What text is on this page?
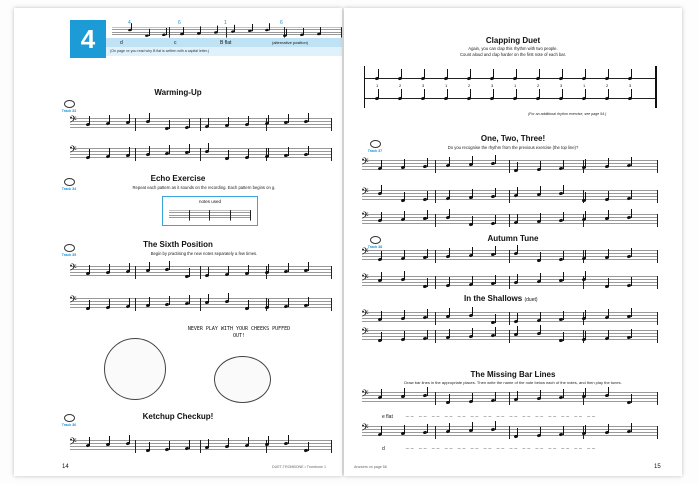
4	d	c	B flat	(alternative position)
(On page xx you read why B flat is written with a capital letter.)
4	6	1	6
Warming-Up
Track 33
𝄢
𝄢
Echo Exercise
Track 34	Repeat each pattern as it sounds on the recording. Each pattern begins on g.
notes used
The Sixth Position
Track 35	Begin by practising the new notes separately a few times.
𝄢
𝄢
NEVER PLAY WITH YOUR CHEEKS PUFFED OUT!
Ketchup Checkup!
Track 36
𝄢
14	DUET-TROMBONE • Trombone 1
Clapping Duet
Again, you can clap this rhythm with two people.
Count aloud and clap harder on the first note of each bar.
1	2	3	1	2	3	1	2	3	1	2	3
(For an additional rhythm exercise, see page 54.)
One, Two, Three!
Track 37
Do you recognise the rhythm from the previous exercise (the top line)?
𝄢
𝄢
𝄢
Autumn Tune
Track 38
𝄢
𝄢
In the Shallows (duet)
𝄢
𝄢
The Missing Bar Lines
Draw bar lines in the appropriate places. Then write the name of the note below each of the notes, and then play the tunes.
𝄢
e flat	__ __ __ __ __ __ __ __ __ __ __ __ __ __ __
𝄢
d	__ __ __ __ __ __ __ __ __ __ __ __ __ __ __
Answers on page 56	15
